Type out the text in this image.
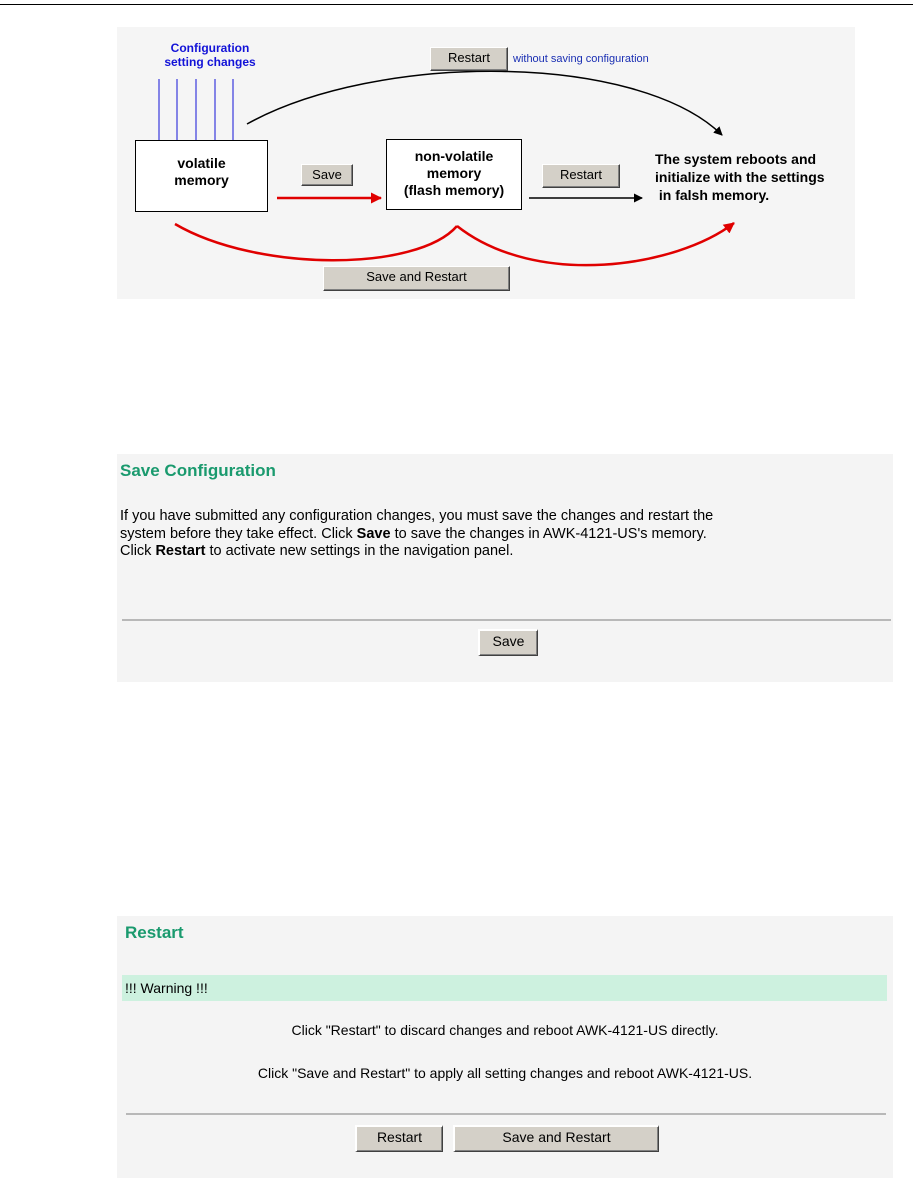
Configuration
setting changes	Restart	without saving configuration
volatile
memory	Save
non-volatile
memory
(flash memory)
Restart
The system reboots and
initialize with the settings
in falsh memory.
Save and Restart
Save Configuration
If you have submitted any configuration changes, you must save the changes and restart the
system before they take effect. Click Save to save the changes in AWK-4121-US's memory.
Click Restart to activate new settings in the navigation panel.
Save
Restart
!!! Warning !!!
Click "Restart" to discard changes and reboot AWK-4121-US directly.
Click "Save and Restart" to apply all setting changes and reboot AWK-4121-US.
Restart	Save and Restart
